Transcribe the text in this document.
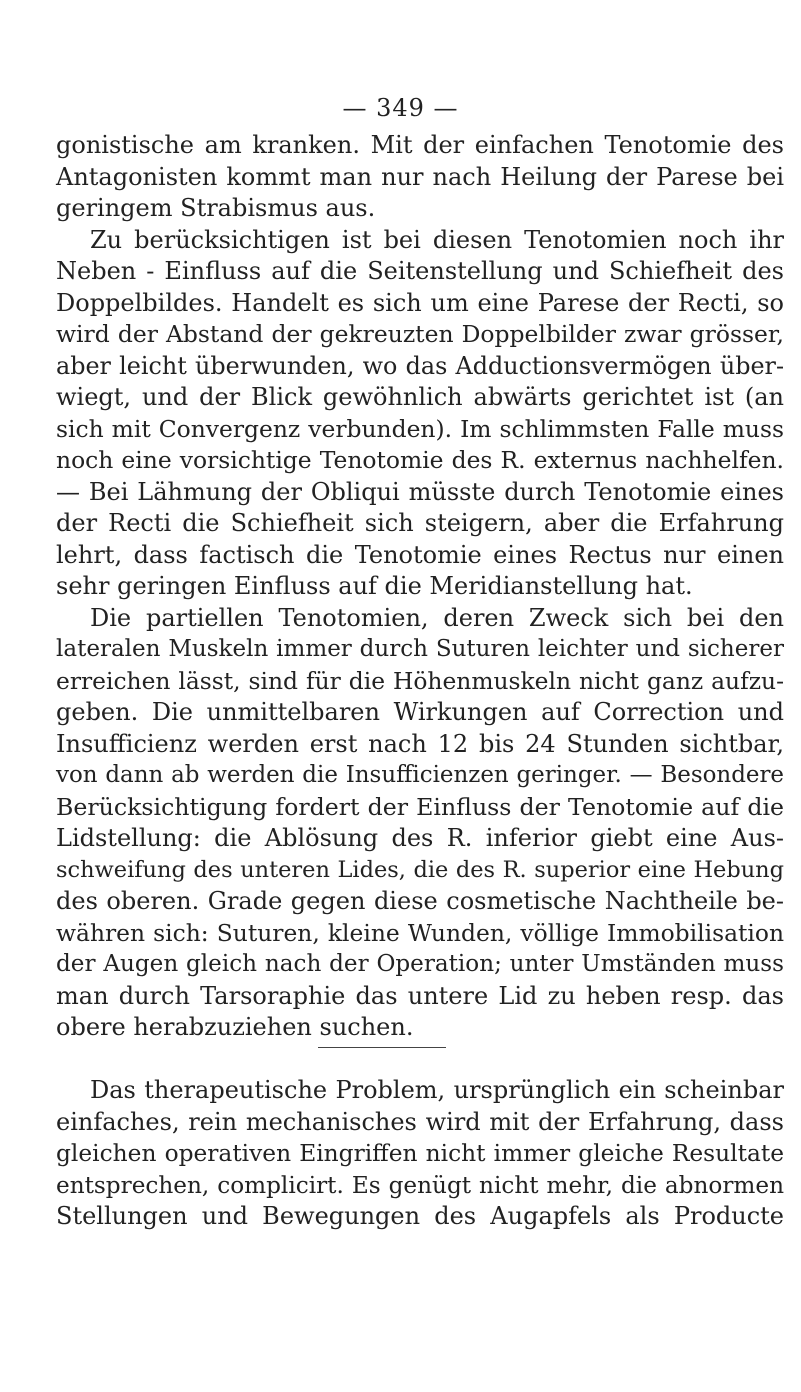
— 349 —
gonistische am kranken. Mit der einfachen Tenotomie des
Antagonisten kommt man nur nach Heilung der Parese bei
geringem Strabismus aus.
Zu berücksichtigen ist bei diesen Tenotomien noch ihr
Neben - Einfluss auf die Seitenstellung und Schiefheit des
Doppelbildes. Handelt es sich um eine Parese der Recti, so
wird der Abstand der gekreuzten Doppelbilder zwar grösser,
aber leicht überwunden, wo das Adductionsvermögen über-
wiegt, und der Blick gewöhnlich abwärts gerichtet ist (an
sich mit Convergenz verbunden). Im schlimmsten Falle muss
noch eine vorsichtige Tenotomie des R. externus nachhelfen.
— Bei Lähmung der Obliqui müsste durch Tenotomie eines
der Recti die Schiefheit sich steigern, aber die Erfahrung
lehrt, dass factisch die Tenotomie eines Rectus nur einen
sehr geringen Einfluss auf die Meridianstellung hat.
Die partiellen Tenotomien, deren Zweck sich bei den
lateralen Muskeln immer durch Suturen leichter und sicherer
erreichen lässt, sind für die Höhenmuskeln nicht ganz aufzu-
geben. Die unmittelbaren Wirkungen auf Correction und
Insufficienz werden erst nach 12 bis 24 Stunden sichtbar,
von dann ab werden die Insufficienzen geringer. — Besondere
Berücksichtigung fordert der Einfluss der Tenotomie auf die
Lidstellung: die Ablösung des R. inferior giebt eine Aus-
schweifung des unteren Lides, die des R. superior eine Hebung
des oberen. Grade gegen diese cosmetische Nachtheile be-
währen sich: Suturen, kleine Wunden, völlige Immobilisation
der Augen gleich nach der Operation; unter Umständen muss
man durch Tarsoraphie das untere Lid zu heben resp. das
obere herabzuziehen suchen.
Das therapeutische Problem, ursprünglich ein scheinbar
einfaches, rein mechanisches wird mit der Erfahrung, dass
gleichen operativen Eingriffen nicht immer gleiche Resultate
entsprechen, complicirt. Es genügt nicht mehr, die abnormen
Stellungen und Bewegungen des Augapfels als Producte
